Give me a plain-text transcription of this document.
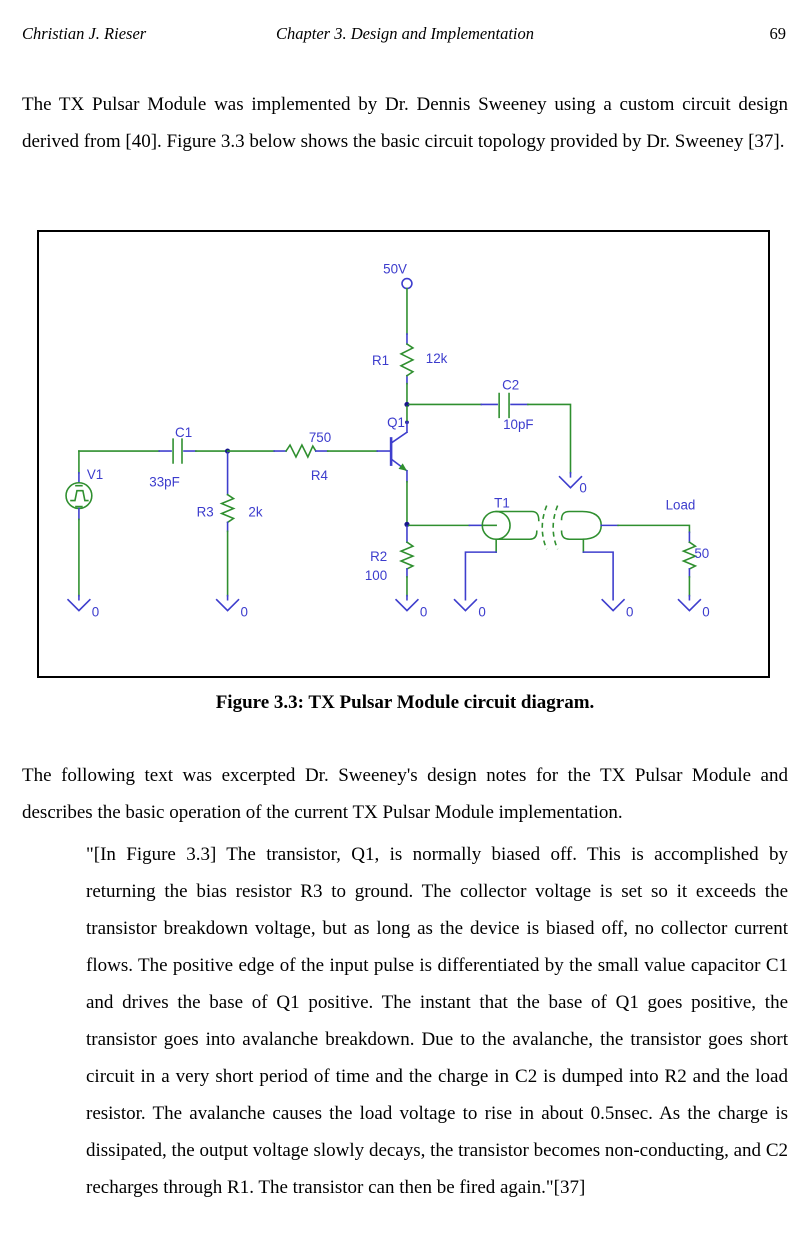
Christian J. Rieser	Chapter 3. Design and Implementation	69
The TX Pulsar Module was implemented by Dr. Dennis Sweeney using a custom circuit design derived from [40]. Figure 3.3 below shows the basic circuit topology provided by Dr. Sweeney [37].
50V
R1	12k
C2
10pF
0
V1
C1
33pF
R3	2k
750
R4
Q1
R2
100
T1	Load
50
0	0	0	0	0	0
Figure 3.3: TX Pulsar Module circuit diagram.
The following text was excerpted Dr. Sweeney's design notes for the TX Pulsar Module and describes the basic operation of the current TX Pulsar Module implementation.
"[In Figure 3.3] The transistor, Q1, is normally biased off. This is accomplished by returning the bias resistor R3 to ground. The collector voltage is set so it exceeds the transistor breakdown voltage, but as long as the device is biased off, no collector current flows. The positive edge of the input pulse is differentiated by the small value capacitor C1 and drives the base of Q1 positive. The instant that the base of Q1 goes positive, the transistor goes into avalanche breakdown. Due to the avalanche, the transistor goes short circuit in a very short period of time and the charge in C2 is dumped into R2 and the load resistor. The avalanche causes the load voltage to rise in about 0.5nsec. As the charge is dissipated, the output voltage slowly decays, the transistor becomes non-conducting, and C2 recharges through R1. The transistor can then be fired again."[37]
